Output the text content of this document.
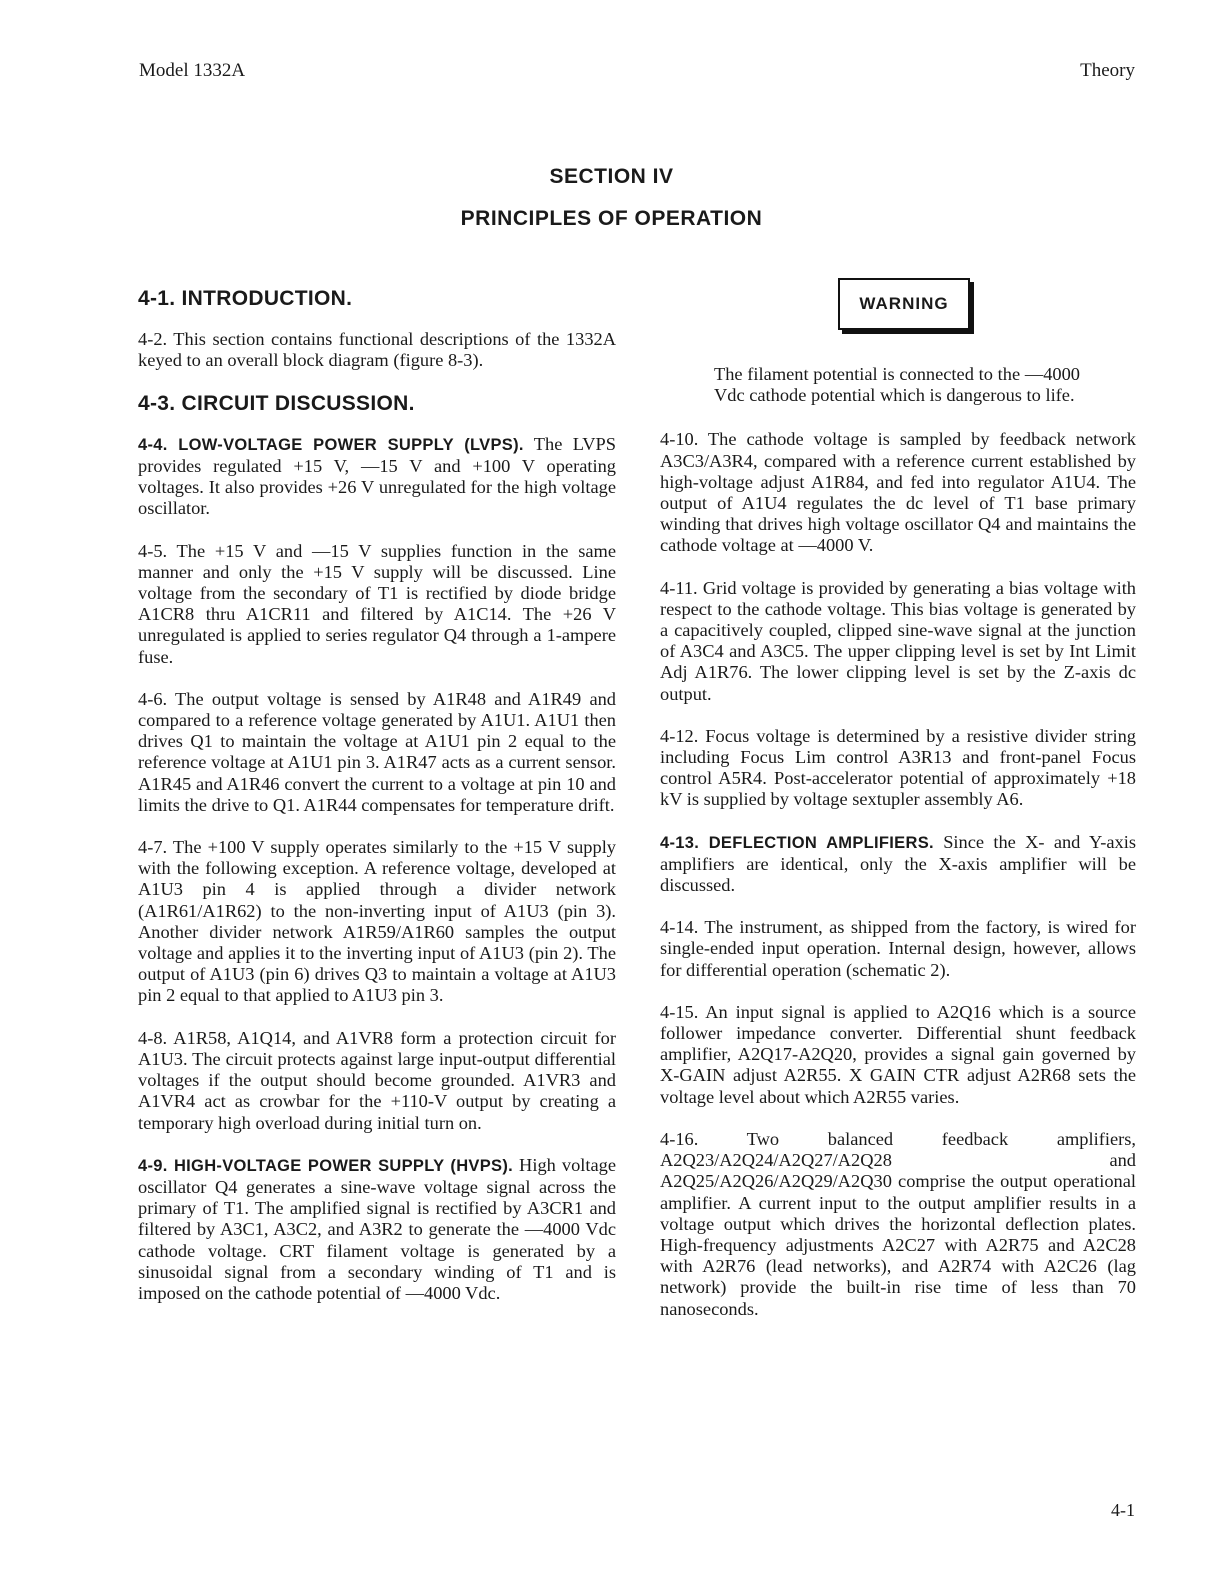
Model 1332A	Theory
SECTION IV
PRINCIPLES OF OPERATION
4-1. INTRODUCTION.

4-2. This section contains functional descriptions of the 1332A keyed to an overall block diagram (figure 8-3).

4-3. CIRCUIT DISCUSSION.

4-4. LOW-VOLTAGE POWER SUPPLY (LVPS). The LVPS provides regulated +15 V, —15 V and +100 V operating voltages. It also provides +26 V unregulated for the high voltage oscillator.

4-5. The +15 V and —15 V supplies function in the same manner and only the +15 V supply will be discussed. Line voltage from the secondary of T1 is rectified by diode bridge A1CR8 thru A1CR11 and filtered by A1C14. The +26 V unregulated is applied to series regulator Q4 through a 1-ampere fuse.

4-6. The output voltage is sensed by A1R48 and A1R49 and compared to a reference voltage generated by A1U1. A1U1 then drives Q1 to maintain the voltage at A1U1 pin 2 equal to the reference voltage at A1U1 pin 3. A1R47 acts as a current sensor. A1R45 and A1R46 convert the current to a voltage at pin 10 and limits the drive to Q1. A1R44 compensates for temperature drift.

4-7. The +100 V supply operates similarly to the +15 V supply with the following exception. A reference voltage, developed at A1U3 pin 4 is applied through a divider network (A1R61/A1R62) to the non-inverting input of A1U3 (pin 3). Another divider network A1R59/A1R60 samples the output voltage and applies it to the inverting input of A1U3 (pin 2). The output of A1U3 (pin 6) drives Q3 to maintain a voltage at A1U3 pin 2 equal to that applied to A1U3 pin 3.

4-8. A1R58, A1Q14, and A1VR8 form a protection circuit for A1U3. The circuit protects against large input-output differential voltages if the output should become grounded. A1VR3 and A1VR4 act as crowbar for the +110-V output by creating a temporary high overload during initial turn on.

4-9. HIGH-VOLTAGE POWER SUPPLY (HVPS). High voltage oscillator Q4 generates a sine-wave voltage signal across the primary of T1. The amplified signal is rectified by A3CR1 and filtered by A3C1, A3C2, and A3R2 to generate the —4000 Vdc cathode voltage. CRT filament voltage is generated by a sinusoidal signal from a secondary winding of T1 and is imposed on the cathode potential of —4000 Vdc.

WARNING

The filament potential is connected to the —4000 Vdc cathode potential which is dangerous to life.

4-10. The cathode voltage is sampled by feedback network A3C3/A3R4, compared with a reference current established by high-voltage adjust A1R84, and fed into regulator A1U4. The output of A1U4 regulates the dc level of T1 base primary winding that drives high voltage oscillator Q4 and maintains the cathode voltage at —4000 V.

4-11. Grid voltage is provided by generating a bias voltage with respect to the cathode voltage. This bias voltage is generated by a capacitively coupled, clipped sine-wave signal at the junction of A3C4 and A3C5. The upper clipping level is set by Int Limit Adj A1R76. The lower clipping level is set by the Z-axis dc output.

4-12. Focus voltage is determined by a resistive divider string including Focus Lim control A3R13 and front-panel Focus control A5R4. Post-accelerator potential of approximately +18 kV is supplied by voltage sextupler assembly A6.

4-13. DEFLECTION AMPLIFIERS. Since the X- and Y-axis amplifiers are identical, only the X-axis amplifier will be discussed.

4-14. The instrument, as shipped from the factory, is wired for single-ended input operation. Internal design, however, allows for differential operation (schematic 2).

4-15. An input signal is applied to A2Q16 which is a source follower impedance converter. Differential shunt feedback amplifier, A2Q17-A2Q20, provides a signal gain governed by X-GAIN adjust A2R55. X GAIN CTR adjust A2R68 sets the voltage level about which A2R55 varies.

4-16. Two balanced feedback amplifiers, A2Q23/A2Q24/A2Q27/A2Q28 and A2Q25/A2Q26/A2Q29/A2Q30 comprise the output operational amplifier. A current input to the output amplifier results in a voltage output which drives the horizontal deflection plates. High-frequency adjustments A2C27 with A2R75 and A2C28 with A2R76 (lead networks), and A2R74 with A2C26 (lag network) provide the built-in rise time of less than 70 nanoseconds.

4-1
